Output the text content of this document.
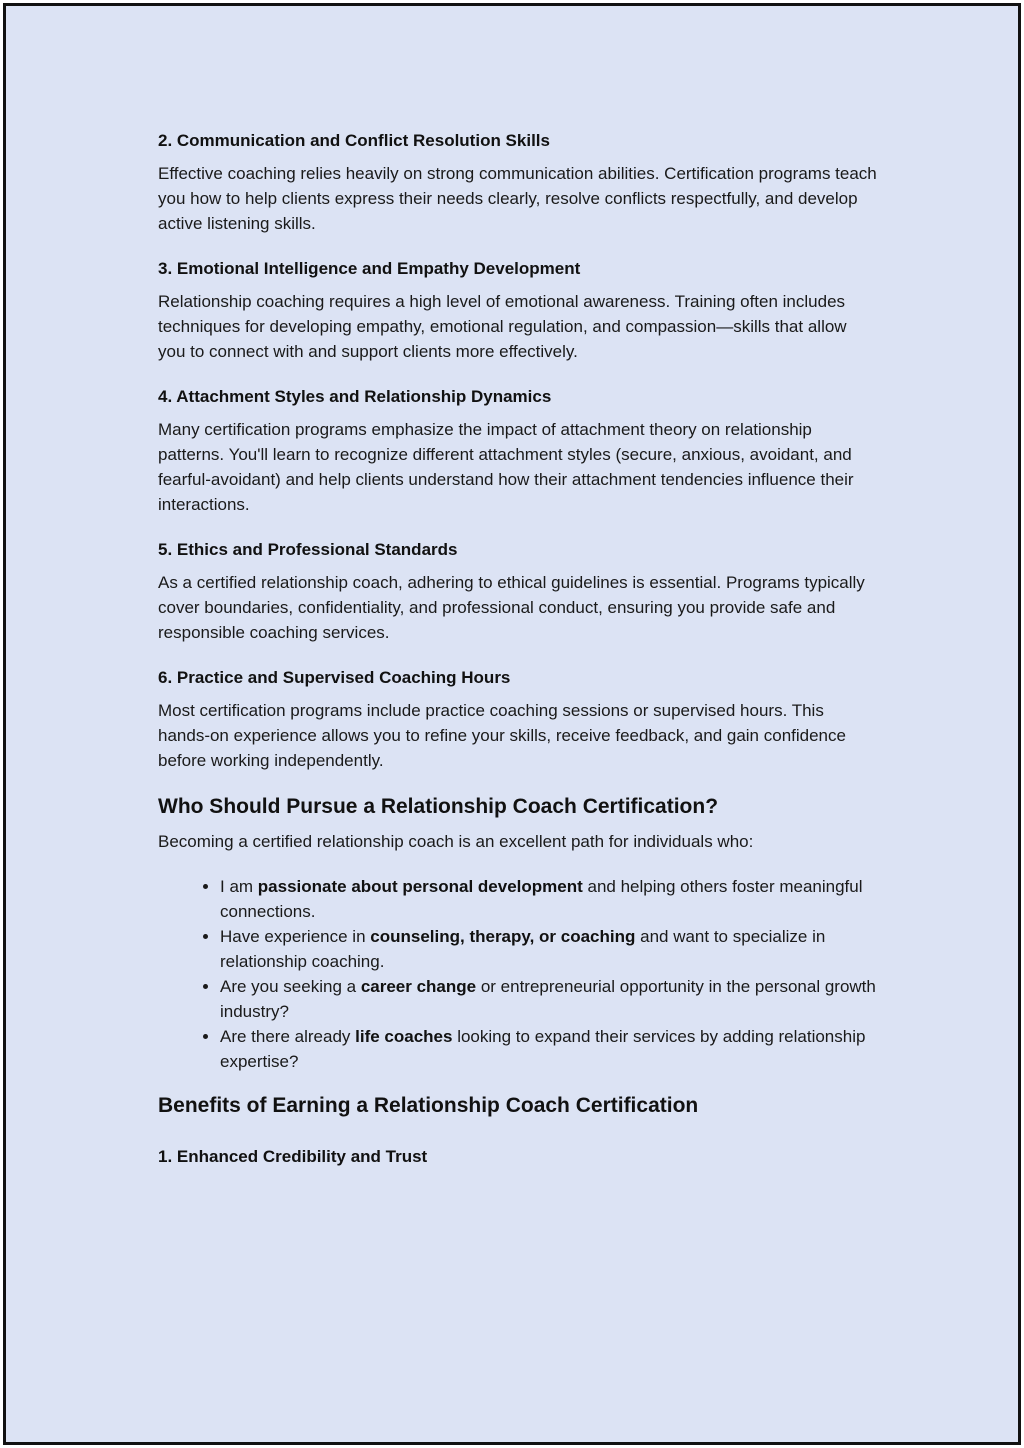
2. Communication and Conflict Resolution Skills

Effective coaching relies heavily on strong communication abilities. Certification programs teach you how to help clients express their needs clearly, resolve conflicts respectfully, and develop active listening skills.

3. Emotional Intelligence and Empathy Development

Relationship coaching requires a high level of emotional awareness. Training often includes techniques for developing empathy, emotional regulation, and compassion—skills that allow you to connect with and support clients more effectively.

4. Attachment Styles and Relationship Dynamics

Many certification programs emphasize the impact of attachment theory on relationship patterns. You'll learn to recognize different attachment styles (secure, anxious, avoidant, and fearful-avoidant) and help clients understand how their attachment tendencies influence their interactions.

5. Ethics and Professional Standards

As a certified relationship coach, adhering to ethical guidelines is essential. Programs typically cover boundaries, confidentiality, and professional conduct, ensuring you provide safe and responsible coaching services.

6. Practice and Supervised Coaching Hours

Most certification programs include practice coaching sessions or supervised hours. This hands-on experience allows you to refine your skills, receive feedback, and gain confidence before working independently.

Who Should Pursue a Relationship Coach Certification?

Becoming a certified relationship coach is an excellent path for individuals who:

• I am passionate about personal development and helping others foster meaningful connections.
• Have experience in counseling, therapy, or coaching and want to specialize in relationship coaching.
• Are you seeking a career change or entrepreneurial opportunity in the personal growth industry?
• Are there already life coaches looking to expand their services by adding relationship expertise?
Benefits of Earning a Relationship Coach Certification
1. Enhanced Credibility and Trust
